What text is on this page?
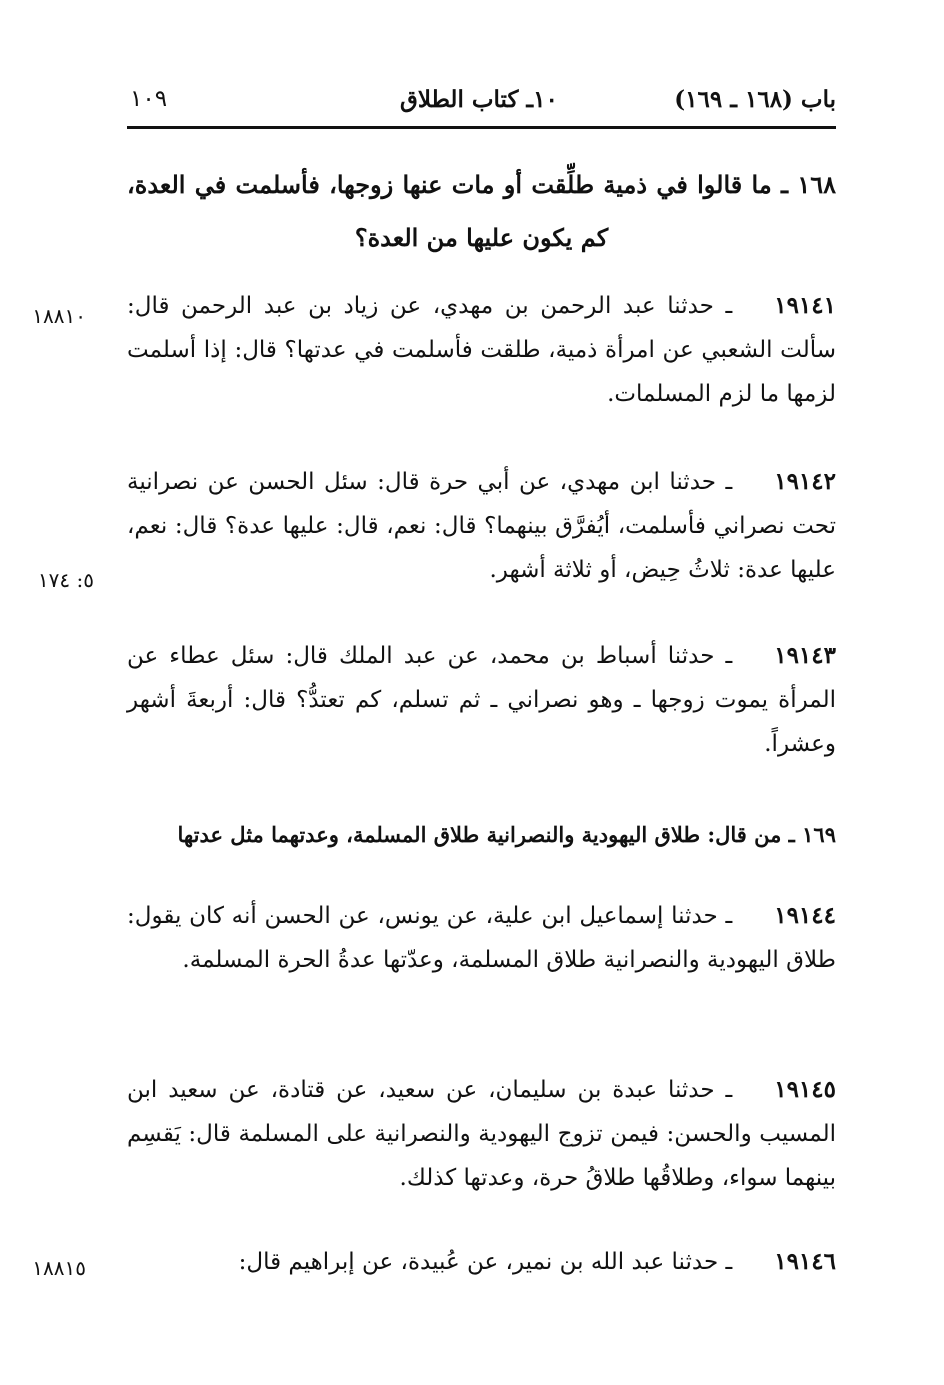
باب (١٦٨ ـ ١٦٩)
١٠ـ كتاب الطلاق
١٠٩
١٦٨ ـ ما قالوا في ذمية طلِّقت أو مات عنها زوجها، فأسلمت في العدة،
كم يكون عليها من العدة؟
١٩١٤١ـ حدثنا عبد الرحمن بن مهدي، عن زياد بن عبد الرحمن قال: سألت الشعبي عن امرأة ذمية، طلقت فأسلمت في عدتها؟ قال: إذا أسلمت لزمها ما لزم المسلمات.
١٩١٤٢ـ حدثنا ابن مهدي، عن أبي حرة قال: سئل الحسن عن نصرانية تحت نصراني فأسلمت، أيُفرَّق بينهما؟ قال: نعم، قال: عليها عدة؟ قال: نعم، عليها عدة: ثلاثُ حِيض، أو ثلاثة أشهر.
١٩١٤٣ـ حدثنا أسباط بن محمد، عن عبد الملك قال: سئل عطاء عن المرأة يموت زوجها ـ وهو نصراني ـ ثم تسلم، كم تعتدُّ؟ قال: أربعةَ أشهر وعشراً.
١٦٩ ـ من قال: طلاق اليهودية والنصرانية طلاق المسلمة، وعدتهما مثل عدتها
١٩١٤٤ـ حدثنا إسماعيل ابن علية، عن يونس، عن الحسن أنه كان يقول: طلاق اليهودية والنصرانية طلاق المسلمة، وعدّتها عدةُ الحرة المسلمة.
١٩١٤٥ـ حدثنا عبدة بن سليمان، عن سعيد، عن قتادة، عن سعيد ابن المسيب والحسن: فيمن تزوج اليهودية والنصرانية على المسلمة قال: يَقسِم بينهما سواء، وطلاقُها طلاقُ حرة، وعدتها كذلك.
١٩١٤٦ـ حدثنا عبد الله بن نمير، عن عُبيدة، عن إبراهيم قال:
١٨٨١٠
٥: ١٧٤
١٨٨١٥
